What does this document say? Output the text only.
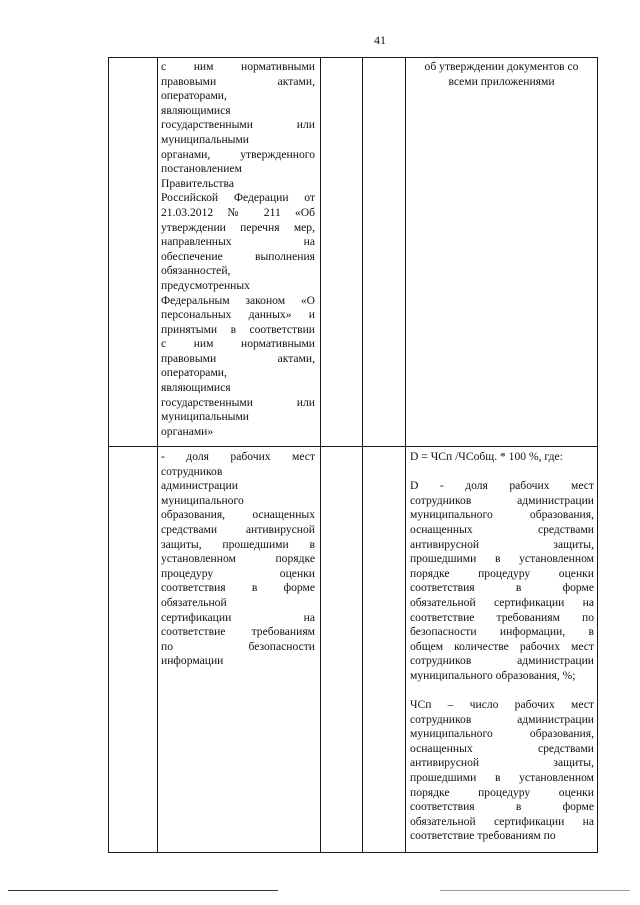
41
с ним нормативными
правовыми актами,
операторами,
являющимися
государственными или
муниципальными
органами, утвержденного
постановлением
Правительства
Российской Федерации от
21.03.2012 № 211 «Об
утверждении перечня мер,
направленных на
обеспечение выполнения
обязанностей,
предусмотренных
Федеральным законом «О
персональных данных» и
принятыми в соответствии
с ним нормативными
правовыми актами,
операторами,
являющимися
государственными или
муниципальными
органами»
об утверждении документов со
всеми приложениями
- доля рабочих мест
сотрудников
администрации
муниципального
образования, оснащенных
средствами антивирусной
защиты, прошедшими в
установленном порядке
процедуру оценки
соответствия в форме
обязательной
сертификации на
соответствие требованиям
по безопасности
информации
D = ЧСп /ЧСобщ. * 100 %, где:
D - доля рабочих мест
сотрудников администрации
муниципального образования,
оснащенных средствами
антивирусной защиты,
прошедшими в установленном
порядке процедуру оценки
соответствия в форме
обязательной сертификации на
соответствие требованиям по
безопасности информации, в
общем количестве рабочих мест
сотрудников администрации
муниципального образования, %;
ЧСп – число рабочих мест
сотрудников администрации
муниципального образования,
оснащенных средствами
антивирусной защиты,
прошедшими в установленном
порядке процедуру оценки
соответствия в форме
обязательной сертификации на
соответствие требованиям по
